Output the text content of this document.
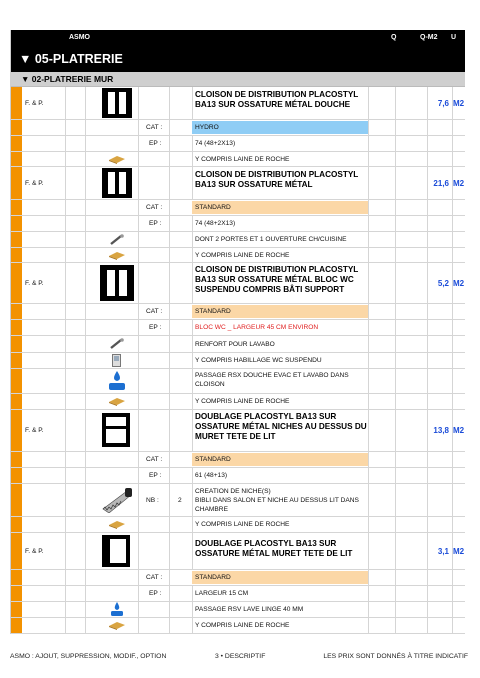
ASMO	Q	Q-M2 U
▼ 05-PLATRERIE
▼ 02-PLATRERIE MUR
F. & P.
CLOISON DE DISTRIBUTION PLACOSTYL
BA13 SUR OSSATURE MÉTAL DOUCHE	7,6 M2
CAT :	HYDRO
EP :	74 (48+2X13)
Y COMPRIS LAINE DE ROCHE
F. & P.
CLOISON DE DISTRIBUTION PLACOSTYL
BA13 SUR OSSATURE MÉTAL	21,6 M2
CAT :	STANDARD
EP :	74 (48+2X13)
DONT 2 PORTES ET 1 OUVERTURE CH/CUISINE
Y COMPRIS LAINE DE ROCHE
F. & P.
CLOISON DE DISTRIBUTION PLACOSTYL
BA13 SUR OSSATURE MÉTAL BLOC WC
SUSPENDU COMPRIS BÂTI SUPPORT
5,2 M2
CAT :	STANDARD
EP :	BLOC WC _ LARGEUR 45 CM ENVIRON
RENFORT POUR LAVABO
Y COMPRIS HABILLAGE WC SUSPENDU
PASSAGE RSX DOUCHE EVAC ET LAVABO DANS
CLOISON
Y COMPRIS LAINE DE ROCHE
F. & P.
DOUBLAGE PLACOSTYL BA13 SUR
OSSATURE MÉTAL NICHES AU DESSUS DU
MURET TETE DE LIT
13,8 M2
CAT :	STANDARD
EP :	61 (48+13)
NB :	2
CREATION DE NICHE(S)
BIBLI DANS SALON ET NICHE AU DESSUS LIT DANS
CHAMBRE
Y COMPRIS LAINE DE ROCHE
F. & P.
DOUBLAGE PLACOSTYL BA13 SUR
OSSATURE MÉTAL MURET TETE DE LIT	3,1 M2
CAT :	STANDARD
EP :	LARGEUR 15 CM
PASSAGE RSV LAVE LINGE 40 MM
Y COMPRIS LAINE DE ROCHE
ASMO : AJOUT, SUPPRESSION, MODIF., OPTION	3 • DESCRIPTIF	LES PRIX SONT DONNÉS À TITRE INDICATIF
